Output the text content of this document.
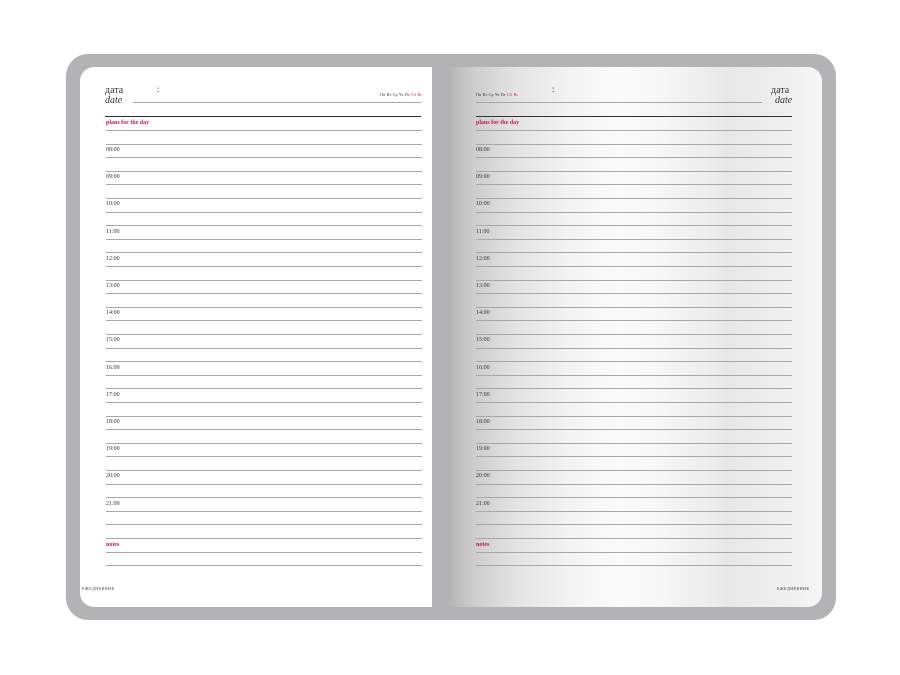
дата
date
:
Пн Вт Ср Чт Пт Сб Вс
plans for the day
08:00
09:00
10:00
11:00
12:00
13:00
14:00
15:00
16:00
17:00
18:00
19:00
20:00
21:00
notes
ЕЖЕДНЕВНИК
дата
date
:
Пн Вт Ср Чт Пт Сб Вс
plans for the day
08:00
09:00
10:00
11:00
12:00
13:00
14:00
15:00
16:00
17:00
18:00
19:00
20:00
21:00
notes
ЕЖЕДНЕВНИК
